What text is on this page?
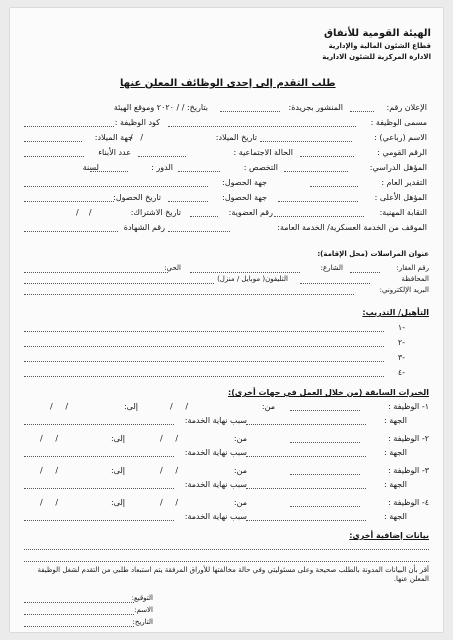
الهيئة القومية للأنفاق
قطاع الشئون المالية والإدارية
الادارة المركزية للشئون الادارية
طلب التقدم إلى إحدى الوظائف المعلن عنها
الإعلان رقم:
المنشور بجريدة:
بتاريخ: / / ٢٠٢٠ وموقع الهيئة
مسمى الوظيفة :
كود الوظيفة :
الاسم (رباعي) :
تاريخ الميلاد:
/   /
جهة الميلاد:
الرقم القومي :
الحالة الاجتماعية :
عدد الأبناء
المؤهل الدراسي:
التخصص :
الدور :
لسنة
التقدير العام :
جهة الحصول:
المؤهل الأعلى :
جهة الحصول:
تاريخ الحصول:
النقابة المهنية:
رقم العضوية:
تاريخ الاشتراك:
/    /
الموقف من الخدمة العسكرية/ الخدمة العامة:
رقم الشهادة
عنوان المراسلات (محل الإقامة):
رقم العقار:
الشارع:
الحي:
المحافظة
التليفون( موبايل / منزل)
البريد الإلكتروني:
التأهيل/ التدريب:
-١
-٢
-٣
-٤
الخبرات السابقة (من خلال العمل في جهات أخرى):
١- الوظيفة :
من:
/     /
إلى:
/     /
الجهة :
سبب نهاية الخدمة:
٢- الوظيفة :
من:
/     /
إلى:
/     /
الجهة :
سبب نهاية الخدمة:
٣- الوظيفة :
من:
/     /
إلى:
/     /
الجهة :
سبب نهاية الخدمة:
٤- الوظيفة :
من:
/     /
إلى:
/     /
الجهة :
سبب نهاية الخدمة:
بيانات إضافية أخرى:
أقر بأن البيانات المدونة بالطلب صحيحة وعلى مسئوليتي وفي حالة مخالفتها للأوراق المرفقة يتم استبعاد طلبي من التقدم لشغل الوظيفة المعلن عنها.
التوقيع:
الاسم:
التاريخ:
